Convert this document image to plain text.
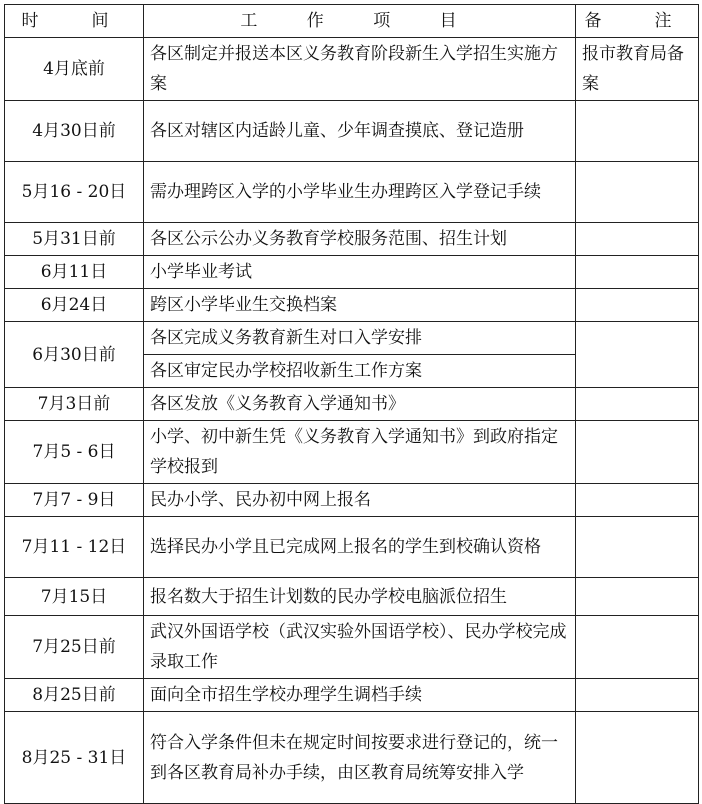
时　间	工 作 项 目	备　注
4月底前	各区制定并报送本区义务教育阶段新生入学招生实施方案	报市教育局备案
4月30日前	各区对辖区内适龄儿童、少年调查摸底、登记造册	
5月16 - 20日	需办理跨区入学的小学毕业生办理跨区入学登记手续	
5月31日前	各区公示公办义务教育学校服务范围、招生计划	
6月11日	小学毕业考试	
6月24日	跨区小学毕业生交换档案	
6月30日前	各区完成义务教育新生对口入学安排	
	各区审定民办学校招收新生工作方案	
7月3日前	各区发放《义务教育入学通知书》	
7月5 - 6日	小学、初中新生凭《义务教育入学通知书》到政府指定学校报到	
7月7 - 9日	民办小学、民办初中网上报名	
7月11 - 12日	选择民办小学且已完成网上报名的学生到校确认资格	
7月15日	报名数大于招生计划数的民办学校电脑派位招生	
7月25日前	武汉外国语学校（武汉实验外国语学校）、民办学校完成录取工作	
8月25日前	面向全市招生学校办理学生调档手续	
8月25 - 31日	符合入学条件但未在规定时间按要求进行登记的，统一到各区教育局补办手续，由区教育局统筹安排入学	
